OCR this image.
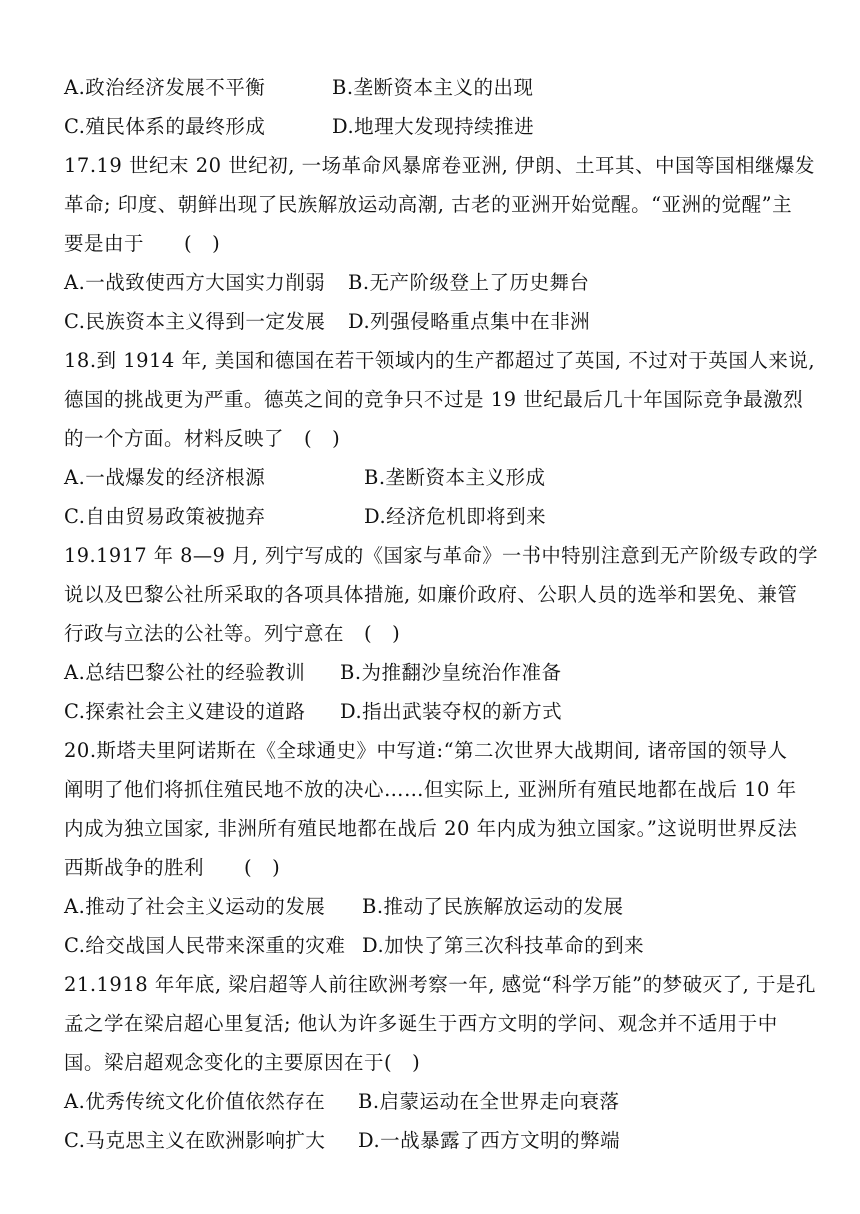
A.政治经济发展不平衡	B.垄断资本主义的出现
C.殖民体系的最终形成	D.地理大发现持续推进
17.19 世纪末 20 世纪初, 一场革命风暴席卷亚洲, 伊朗、土耳其、中国等国相继爆发
革命; 印度、朝鲜出现了民族解放运动高潮, 古老的亚洲开始觉醒。“亚洲的觉醒”主
要是由于　　(　)
A.一战致使西方大国实力削弱	B.无产阶级登上了历史舞台
C.民族资本主义得到一定发展	D.列强侵略重点集中在非洲
18.到 1914 年, 美国和德国在若干领域内的生产都超过了英国, 不过对于英国人来说,
德国的挑战更为严重。德英之间的竞争只不过是 19 世纪最后几十年国际竞争最激烈
的一个方面。材料反映了　(　)
A.一战爆发的经济根源	B.垄断资本主义形成
C.自由贸易政策被抛弃	D.经济危机即将到来
19.1917 年 8—9 月, 列宁写成的《国家与革命》一书中特别注意到无产阶级专政的学
说以及巴黎公社所采取的各项具体措施, 如廉价政府、公职人员的选举和罢免、兼管
行政与立法的公社等。列宁意在　(　)
A.总结巴黎公社的经验教训	B.为推翻沙皇统治作准备
C.探索社会主义建设的道路	D.指出武装夺权的新方式
20.斯塔夫里阿诺斯在《全球通史》中写道:“第二次世界大战期间, 诸帝国的领导人
阐明了他们将抓住殖民地不放的决心……但实际上, 亚洲所有殖民地都在战后 10 年
内成为独立国家, 非洲所有殖民地都在战后 20 年内成为独立国家。”这说明世界反法
西斯战争的胜利　　(　)
A.推动了社会主义运动的发展	B.推动了民族解放运动的发展
C.给交战国人民带来深重的灾难 D.加快了第三次科技革命的到来
21.1918 年年底, 梁启超等人前往欧洲考察一年, 感觉“科学万能”的梦破灭了, 于是孔
孟之学在梁启超心里复活; 他认为许多诞生于西方文明的学问、观念并不适用于中
国。梁启超观念变化的主要原因在于(　)
A.优秀传统文化价值依然存在	B.启蒙运动在全世界走向衰落
C.马克思主义在欧洲影响扩大	D.一战暴露了西方文明的弊端
